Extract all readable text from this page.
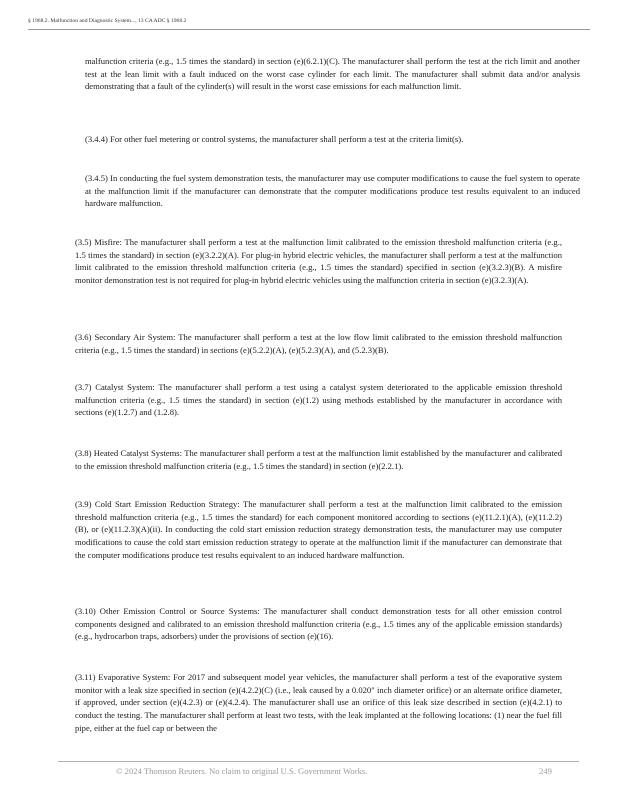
§ 1968.2. Malfunction and Diagnostic System..., 13 CA ADC § 1968.2

malfunction criteria (e.g., 1.5 times the standard) in section (e)(6.2.1)(C). The manufacturer shall perform the test at the rich limit and another test at the lean limit with a fault induced on the worst case cylinder for each limit. The manufacturer shall submit data and/or analysis demonstrating that a fault of the cylinder(s) will result in the worst case emissions for each malfunction limit.

(3.4.4) For other fuel metering or control systems, the manufacturer shall perform a test at the criteria limit(s).

(3.4.5) In conducting the fuel system demonstration tests, the manufacturer may use computer modifications to cause the fuel system to operate at the malfunction limit if the manufacturer can demonstrate that the computer modifications produce test results equivalent to an induced hardware malfunction.

(3.5) Misfire: The manufacturer shall perform a test at the malfunction limit calibrated to the emission threshold malfunction criteria (e.g., 1.5 times the standard) in section (e)(3.2.2)(A). For plug-in hybrid electric vehicles, the manufacturer shall perform a test at the malfunction limit calibrated to the emission threshold malfunction criteria (e.g., 1.5 times the standard) specified in section (e)(3.2.3)(B). A misfire monitor demonstration test is not required for plug-in hybrid electric vehicles using the malfunction criteria in section (e)(3.2.3)(A).

(3.6) Secondary Air System: The manufacturer shall perform a test at the low flow limit calibrated to the emission threshold malfunction criteria (e.g., 1.5 times the standard) in sections (e)(5.2.2)(A), (e)(5.2.3)(A), and (5.2.3)(B).

(3.7) Catalyst System: The manufacturer shall perform a test using a catalyst system deteriorated to the applicable emission threshold malfunction criteria (e.g., 1.5 times the standard) in section (e)(1.2) using methods established by the manufacturer in accordance with sections (e)(1.2.7) and (1.2.8).

(3.8) Heated Catalyst Systems: The manufacturer shall perform a test at the malfunction limit established by the manufacturer and calibrated to the emission threshold malfunction criteria (e.g., 1.5 times the standard) in section (e)(2.2.1).

(3.9) Cold Start Emission Reduction Strategy: The manufacturer shall perform a test at the malfunction limit calibrated to the emission threshold malfunction criteria (e.g., 1.5 times the standard) for each component monitored according to sections (e)(11.2.1)(A), (e)(11.2.2)(B), or (e)(11.2.3)(A)(ii). In conducting the cold start emission reduction strategy demonstration tests, the manufacturer may use computer modifications to cause the cold start emission reduction strategy to operate at the malfunction limit if the manufacturer can demonstrate that the computer modifications produce test results equivalent to an induced hardware malfunction.

(3.10) Other Emission Control or Source Systems: The manufacturer shall conduct demonstration tests for all other emission control components designed and calibrated to an emission threshold malfunction criteria (e.g., 1.5 times any of the applicable emission standards) (e.g., hydrocarbon traps, adsorbers) under the provisions of section (e)(16).

(3.11) Evaporative System: For 2017 and subsequent model year vehicles, the manufacturer shall perform a test of the evaporative system monitor with a leak size specified in section (e)(4.2.2)(C) (i.e., leak caused by a 0.020″ inch diameter orifice) or an alternate orifice diameter, if approved, under section (e)(4.2.3) or (e)(4.2.4). The manufacturer shall use an orifice of this leak size described in section (e)(4.2.1) to conduct the testing. The manufacturer shall perform at least two tests, with the leak implanted at the following locations: (1) near the fuel fill pipe, either at the fuel cap or between the

© 2024 Thomson Reuters. No claim to original U.S. Government Works.	249
